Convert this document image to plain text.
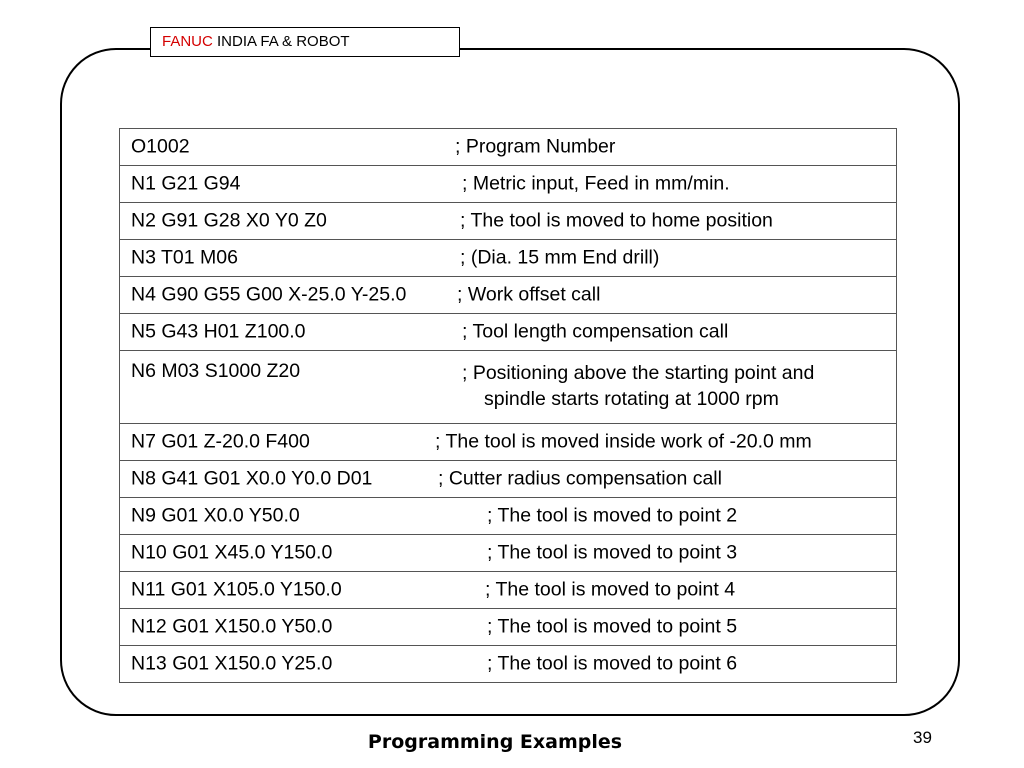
FANUC INDIA FA & ROBOT
O1002	; Program Number

N1 G21 G94	; Metric input, Feed in mm/min.

N2 G91 G28 X0 Y0 Z0	; The tool is moved to home position

N3 T01 M06	; (Dia. 15 mm End drill)

N4 G90 G55 G00 X-25.0 Y-25.0	; Work offset call

N5 G43 H01 Z100.0	; Tool length compensation call

N6 M03 S1000 Z20	; Positioning above the starting point and
spindle starts rotating at 1000 rpm

N7 G01 Z-20.0 F400	; The tool is moved inside work of -20.0 mm

N8 G41 G01 X0.0 Y0.0 D01	; Cutter radius compensation call

N9 G01 X0.0 Y50.0	; The tool is moved to point 2

N10 G01 X45.0 Y150.0	; The tool is moved to point 3

N11 G01 X105.0 Y150.0	; The tool is moved to point 4

N12 G01 X150.0 Y50.0	; The tool is moved to point 5

N13 G01 X150.0 Y25.0	; The tool is moved to point 6
Programming Examples	39
